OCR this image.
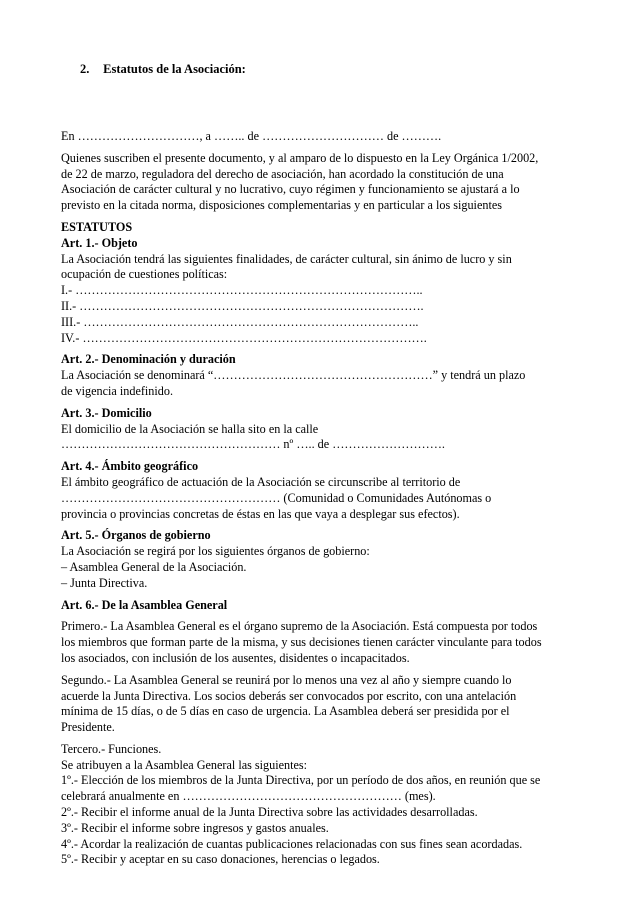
2. Estatutos de la Asociación:

En …………………………, a …….. de ………………………… de ……….

Quienes suscriben el presente documento, y al amparo de lo dispuesto en la Ley Orgánica 1/2002,

de 22 de marzo, reguladora del derecho de asociación, han acordado la constitución de una

Asociación de carácter cultural y no lucrativo, cuyo régimen y funcionamiento se ajustará a lo

previsto en la citada norma, disposiciones complementarias y en particular a los siguientes

ESTATUTOS

Art. 1.- Objeto

La Asociación tendrá las siguientes finalidades, de carácter cultural, sin ánimo de lucro y sin

ocupación de cuestiones políticas:

I.- …………………………………………………………………………..

II.- ………………………………………………………………………….

III.- ………………………………………………………………………..

IV.- ………………………………………………………………………….

Art. 2.- Denominación y duración

La Asociación se denominará “………………………………………………” y tendrá un plazo

de vigencia indefinido.

Art. 3.- Domicilio

El domicilio de la Asociación se halla sito en la calle

……………………………………………… nº ….. de ……………………….

Art. 4.- Ámbito geográfico

El ámbito geográfico de actuación de la Asociación se circunscribe al territorio de

……………………………………………… (Comunidad o Comunidades Autónomas o

provincia o provincias concretas de éstas en las que vaya a desplegar sus efectos).

Art. 5.- Órganos de gobierno

La Asociación se regirá por los siguientes órganos de gobierno:

– Asamblea General de la Asociación.

– Junta Directiva.

Art. 6.- De la Asamblea General

Primero.- La Asamblea General es el órgano supremo de la Asociación. Está compuesta por todos

los miembros que forman parte de la misma, y sus decisiones tienen carácter vinculante para todos

los asociados, con inclusión de los ausentes, disidentes o incapacitados.

Segundo.- La Asamblea General se reunirá por lo menos una vez al año y siempre cuando lo

acuerde la Junta Directiva. Los socios deberás ser convocados por escrito, con una antelación

mínima de 15 días, o de 5 días en caso de urgencia. La Asamblea deberá ser presidida por el

Presidente.

Tercero.- Funciones.

Se atribuyen a la Asamblea General las siguientes:

1º.- Elección de los miembros de la Junta Directiva, por un período de dos años, en reunión que se

celebrará anualmente en ……………………………………………… (mes).

2º.- Recibir el informe anual de la Junta Directiva sobre las actividades desarrolladas.

3º.- Recibir el informe sobre ingresos y gastos anuales.

4º.- Acordar la realización de cuantas publicaciones relacionadas con sus fines sean acordadas.

5º.- Recibir y aceptar en su caso donaciones, herencias o legados.
